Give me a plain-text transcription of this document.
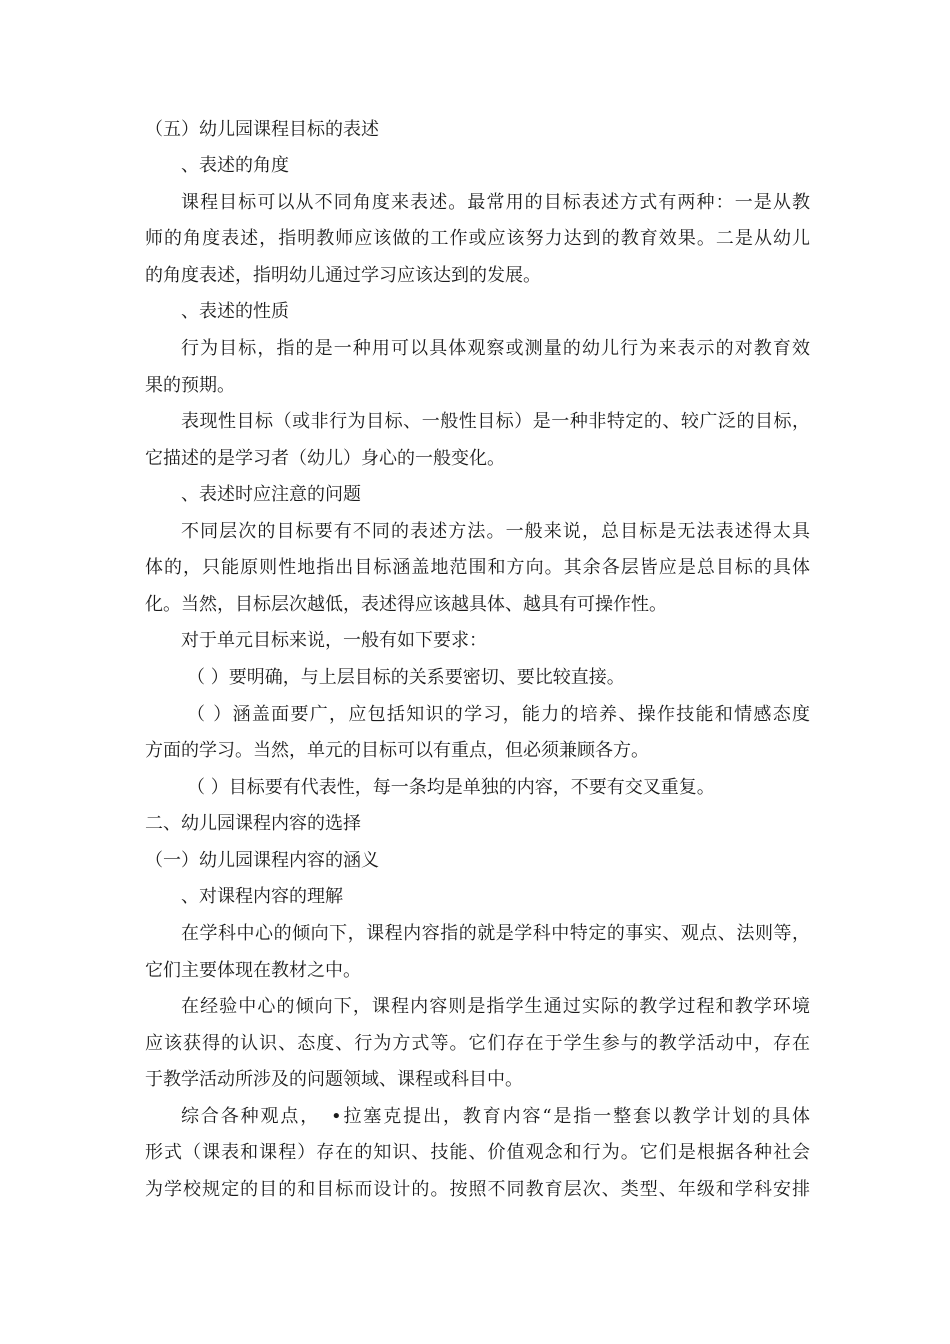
（五）幼儿园课程目标的表述
、表述的角度
课程目标可以从不同角度来表述。最常用的目标表述方式有两种：一是从教
师的角度表述，指明教师应该做的工作或应该努力达到的教育效果。二是从幼儿
的角度表述，指明幼儿通过学习应该达到的发展。
、表述的性质
行为目标，指的是一种用可以具体观察或测量的幼儿行为来表示的对教育效
果的预期。
表现性目标（或非行为目标、一般性目标）是一种非特定的、较广泛的目标，
它描述的是学习者（幼儿）身心的一般变化。
、表述时应注意的问题
不同层次的目标要有不同的表述方法。一般来说，总目标是无法表述得太具
体的，只能原则性地指出目标涵盖地范围和方向。其余各层皆应是总目标的具体
化。当然，目标层次越低，表述得应该越具体、越具有可操作性。
对于单元目标来说，一般有如下要求：
（ ）要明确，与上层目标的关系要密切、要比较直接。
（ ）涵盖面要广，应包括知识的学习，能力的培养、操作技能和情感态度
方面的学习。当然，单元的目标可以有重点，但必须兼顾各方。
（ ）目标要有代表性，每一条均是单独的内容，不要有交叉重复。
二、幼儿园课程内容的选择
（一）幼儿园课程内容的涵义
、对课程内容的理解
在学科中心的倾向下，课程内容指的就是学科中特定的事实、观点、法则等，
它们主要体现在教材之中。
在经验中心的倾向下，课程内容则是指学生通过实际的教学过程和教学环境
应该获得的认识、态度、行为方式等。它们存在于学生参与的教学活动中，存在
于教学活动所涉及的问题领域、课程或科目中。
综合各种观点，　•拉塞克提出，教育内容“是指一整套以教学计划的具体
形式（课表和课程）存在的知识、技能、价值观念和行为。它们是根据各种社会
为学校规定的目的和目标而设计的。按照不同教育层次、类型、年级和学科安排
